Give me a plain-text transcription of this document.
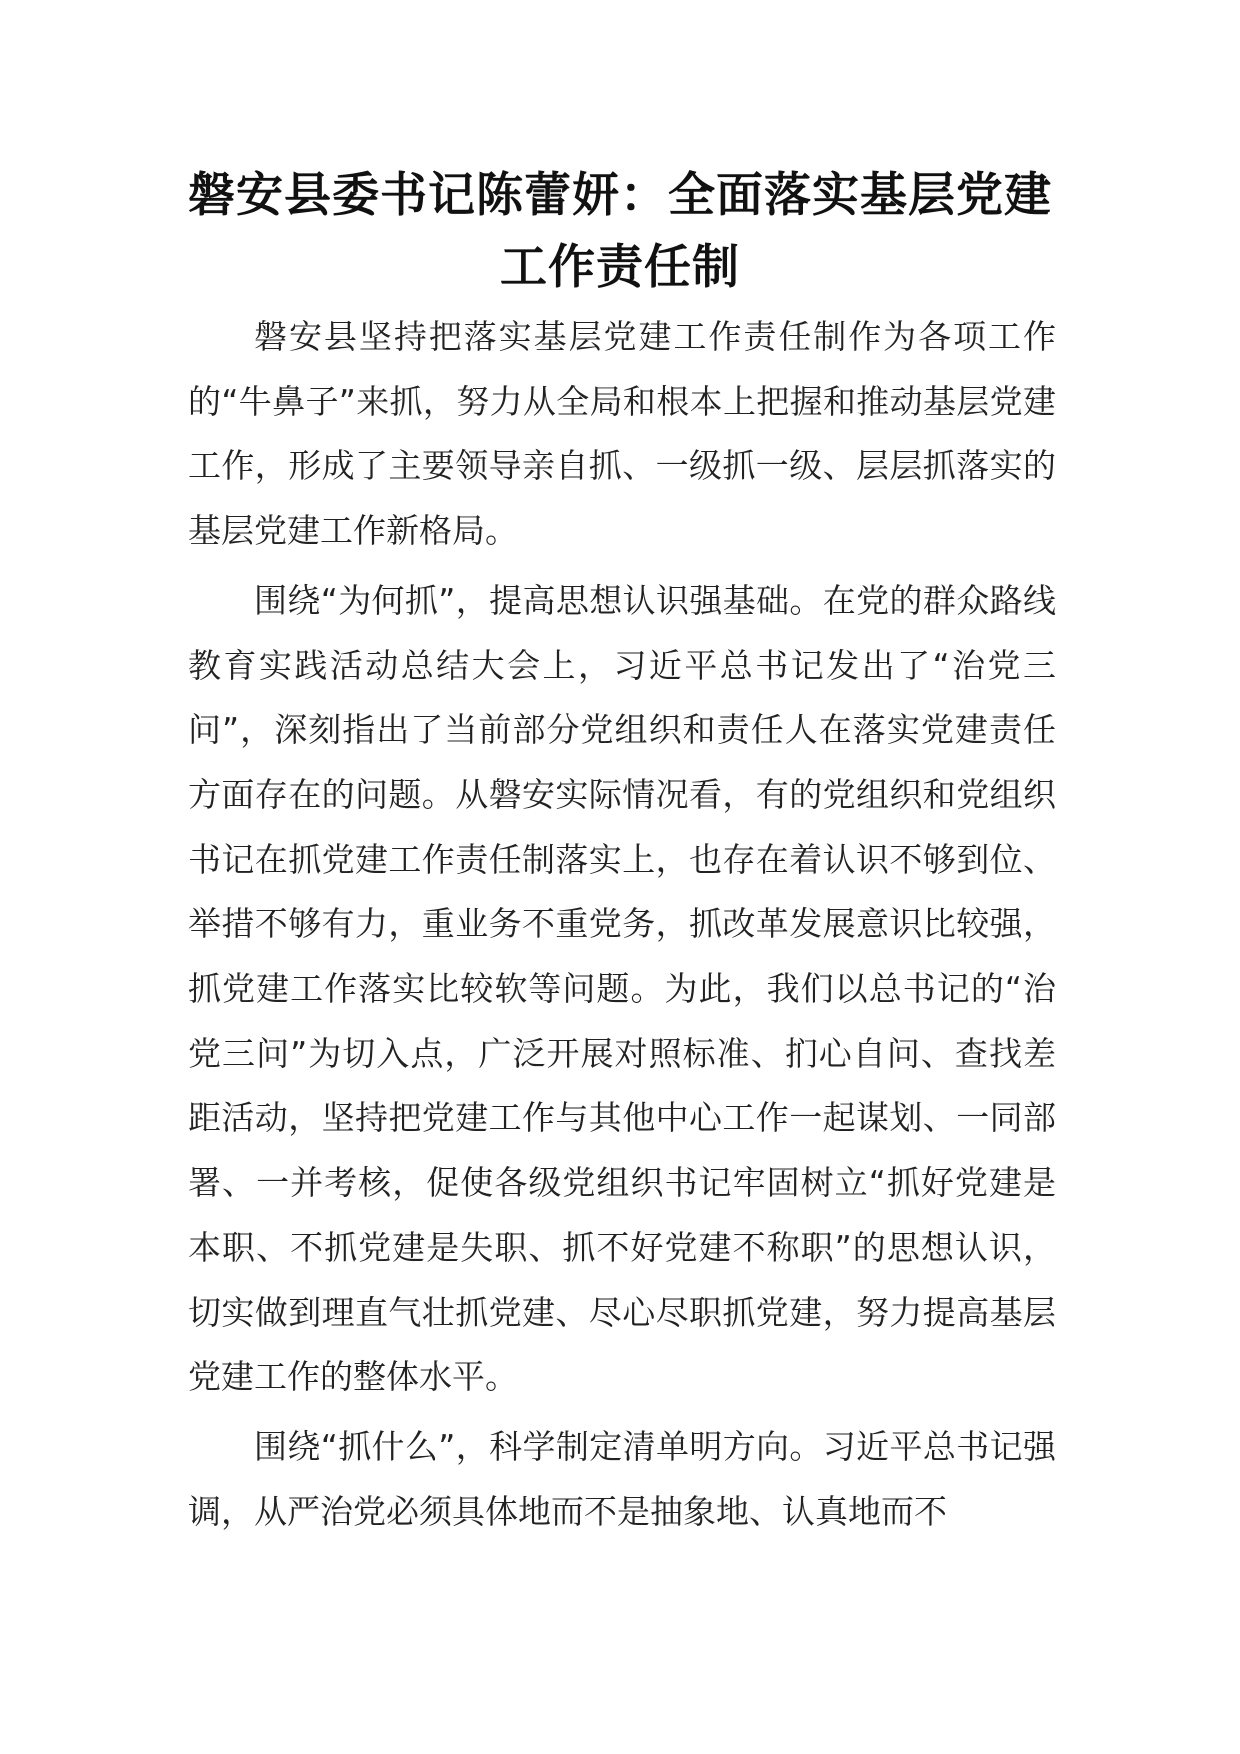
磐安县委书记陈蕾妍：全面落实基层党建工作责任制

磐安县坚持把落实基层党建工作责任制作为各项工作的“牛鼻子”来抓，努力从全局和根本上把握和推动基层党建工作，形成了主要领导亲自抓、一级抓一级、层层抓落实的基层党建工作新格局。

围绕“为何抓”，提高思想认识强基础。在党的群众路线教育实践活动总结大会上，习近平总书记发出了“治党三问”，深刻指出了当前部分党组织和责任人在落实党建责任方面存在的问题。从磐安实际情况看，有的党组织和党组织书记在抓党建工作责任制落实上，也存在着认识不够到位、举措不够有力，重业务不重党务，抓改革发展意识比较强，抓党建工作落实比较软等问题。为此，我们以总书记的“治党三问”为切入点，广泛开展对照标准、扪心自问、查找差距活动，坚持把党建工作与其他中心工作一起谋划、一同部署、一并考核，促使各级党组织书记牢固树立“抓好党建是本职、不抓党建是失职、抓不好党建不称职”的思想认识，切实做到理直气壮抓党建、尽心尽职抓党建，努力提高基层党建工作的整体水平。

围绕“抓什么”，科学制定清单明方向。习近平总书记强调，从严治党必须具体地而不是抽象地、认真地而不
